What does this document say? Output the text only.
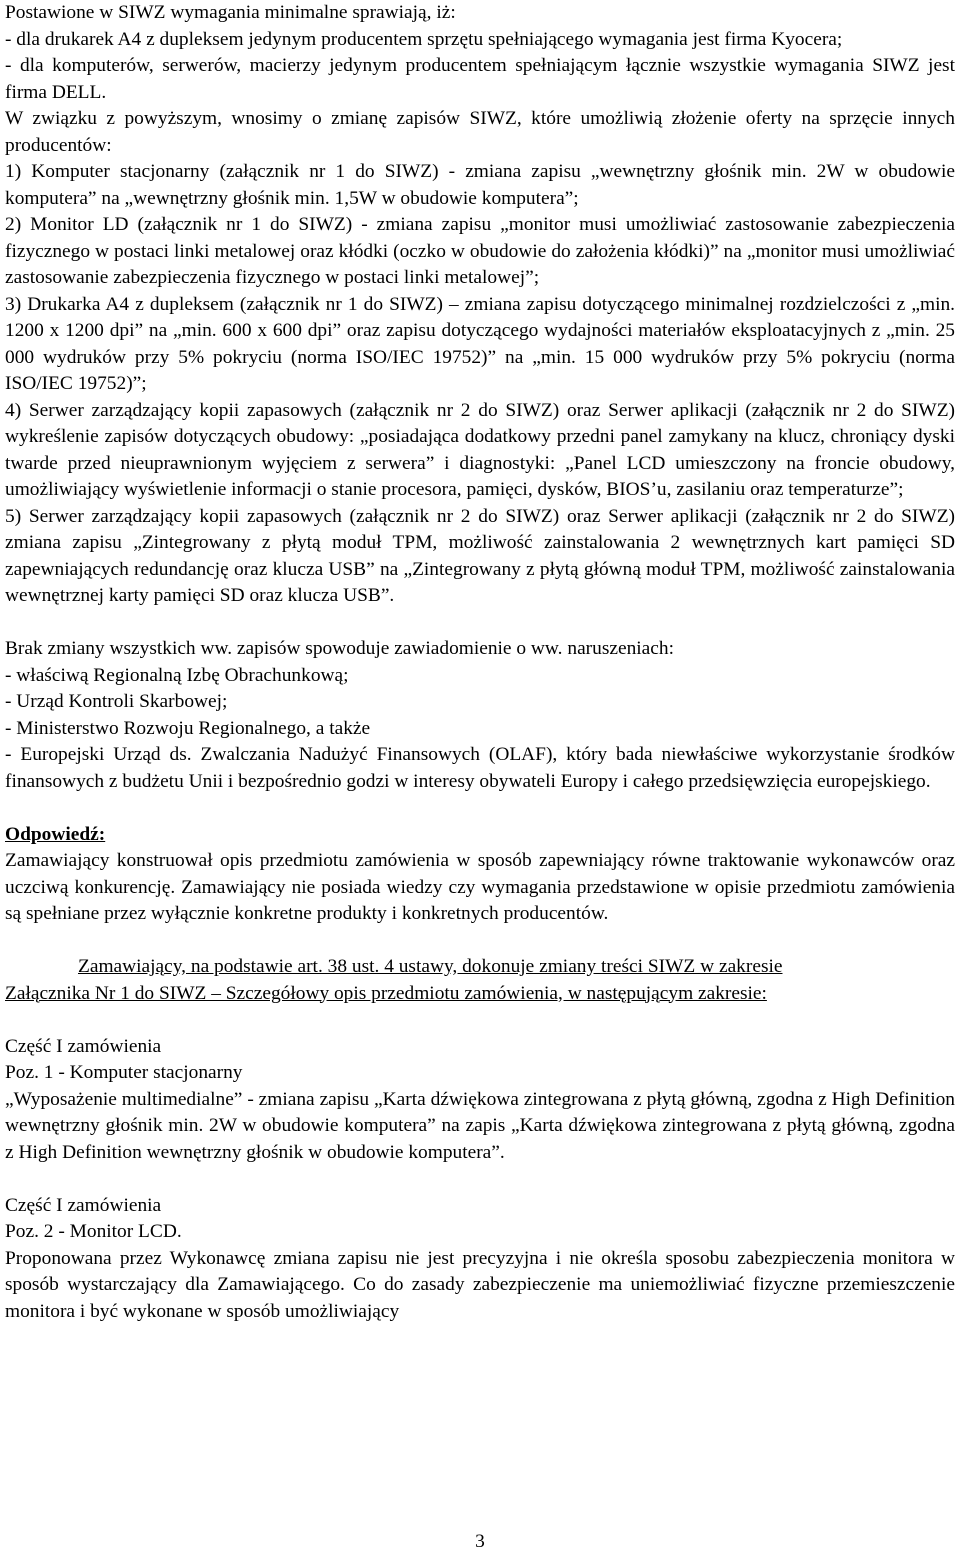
Postawione w SIWZ wymagania minimalne sprawiają, iż:

- dla drukarek A4 z dupleksem jedynym producentem sprzętu spełniającego wymagania jest firma Kyocera;

- dla komputerów, serwerów, macierzy jedynym producentem spełniającym łącznie wszystkie wymagania SIWZ jest firma DELL.

W związku z powyższym, wnosimy o zmianę zapisów SIWZ, które umożliwią złożenie oferty na sprzęcie innych producentów:

1) Komputer stacjonarny (załącznik nr 1 do SIWZ) - zmiana zapisu „wewnętrzny głośnik min. 2W w obudowie komputera” na „wewnętrzny głośnik min. 1,5W w obudowie komputera”;

2) Monitor LD (załącznik nr 1 do SIWZ) - zmiana zapisu „monitor musi umożliwiać zastosowanie zabezpieczenia fizycznego w postaci linki metalowej oraz kłódki (oczko w obudowie do założenia kłódki)” na „monitor musi umożliwiać zastosowanie zabezpieczenia fizycznego w postaci linki metalowej”;

3) Drukarka A4 z dupleksem (załącznik nr 1 do SIWZ) – zmiana zapisu dotyczącego minimalnej rozdzielczości z „min. 1200 x 1200 dpi” na „min. 600 x 600 dpi” oraz zapisu dotyczącego wydajności materiałów eksploatacyjnych z „min. 25 000 wydruków przy 5% pokryciu (norma ISO/IEC 19752)” na „min. 15 000 wydruków przy 5% pokryciu (norma ISO/IEC 19752)”;

4) Serwer zarządzający kopii zapasowych (załącznik nr 2 do SIWZ) oraz Serwer aplikacji (załącznik nr 2 do SIWZ) wykreślenie zapisów dotyczących obudowy: „posiadająca dodatkowy przedni panel zamykany na klucz, chroniący dyski twarde przed nieuprawnionym wyjęciem z serwera” i diagnostyki: „Panel LCD umieszczony na froncie obudowy, umożliwiający wyświetlenie informacji o stanie procesora, pamięci, dysków, BIOS’u, zasilaniu oraz temperaturze”;

5) Serwer zarządzający kopii zapasowych (załącznik nr 2 do SIWZ) oraz Serwer aplikacji (załącznik nr 2 do SIWZ) zmiana zapisu „Zintegrowany z płytą moduł TPM, możliwość zainstalowania 2 wewnętrznych kart pamięci SD zapewniających redundancję oraz klucza USB” na „Zintegrowany z płytą główną moduł TPM, możliwość zainstalowania wewnętrznej karty pamięci SD oraz klucza USB”.

Brak zmiany wszystkich ww. zapisów spowoduje zawiadomienie o ww. naruszeniach:

- właściwą Regionalną Izbę Obrachunkową;

- Urząd Kontroli Skarbowej;

- Ministerstwo Rozwoju Regionalnego, a także

- Europejski Urząd ds. Zwalczania Nadużyć Finansowych (OLAF), który bada niewłaściwe wykorzystanie środków finansowych z budżetu Unii i bezpośrednio godzi w interesy obywateli Europy i całego przedsięwzięcia europejskiego.

Odpowiedź:

Zamawiający konstruował opis przedmiotu zamówienia w sposób zapewniający równe traktowanie wykonawców oraz uczciwą konkurencję. Zamawiający nie posiada wiedzy czy wymagania przedstawione w opisie przedmiotu zamówienia są spełniane przez wyłącznie konkretne produkty i konkretnych producentów.

Zamawiający, na podstawie art. 38 ust. 4 ustawy, dokonuje zmiany treści SIWZ w zakresie

Załącznika Nr 1 do SIWZ – Szczegółowy opis przedmiotu zamówienia, w następującym zakresie:

Część I zamówienia

Poz. 1 - Komputer stacjonarny

„Wyposażenie multimedialne” - zmiana zapisu „Karta dźwiękowa zintegrowana z płytą główną, zgodna z High Definition wewnętrzny głośnik min. 2W w obudowie komputera” na zapis „Karta dźwiękowa zintegrowana z płytą główną, zgodna z High Definition wewnętrzny głośnik w obudowie komputera”.

Część I zamówienia

Poz. 2 - Monitor LCD.

Proponowana przez Wykonawcę zmiana zapisu nie jest precyzyjna i nie określa sposobu zabezpieczenia monitora w sposób wystarczający dla Zamawiającego. Co do zasady zabezpieczenie ma uniemożliwiać fizyczne przemieszczenie monitora i być wykonane w sposób umożliwiający

3
